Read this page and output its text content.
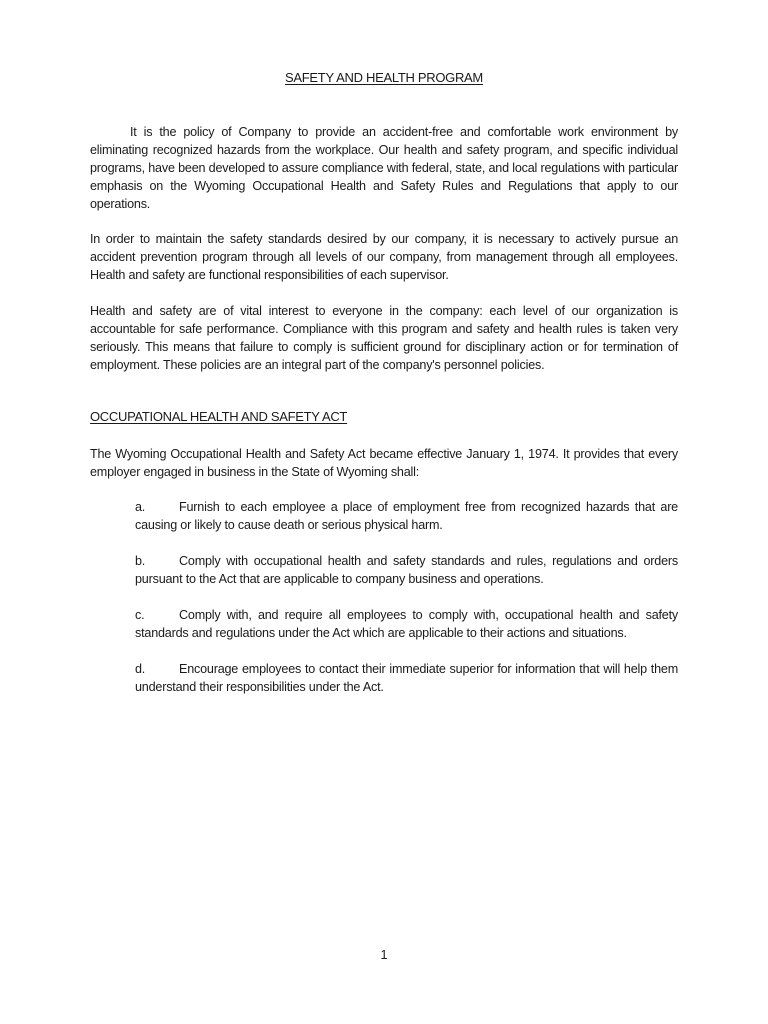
SAFETY AND HEALTH PROGRAM

It is the policy of Company to provide an accident-free and comfortable work environment by eliminating recognized hazards from the workplace. Our health and safety program, and specific individual programs, have been developed to assure compliance with federal, state, and local regulations with particular emphasis on the Wyoming Occupational Health and Safety Rules and Regulations that apply to our operations.

In order to maintain the safety standards desired by our company, it is necessary to actively pursue an accident prevention program through all levels of our company, from management through all employees. Health and safety are functional responsibilities of each supervisor.

Health and safety are of vital interest to everyone in the company: each level of our organization is accountable for safe performance. Compliance with this program and safety and health rules is taken very seriously. This means that failure to comply is sufficient ground for disciplinary action or for termination of employment. These policies are an integral part of the company's personnel policies.

OCCUPATIONAL HEALTH AND SAFETY ACT

The Wyoming Occupational Health and Safety Act became effective January 1, 1974. It provides that every employer engaged in business in the State of Wyoming shall:

a.	Furnish to each employee a place of employment free from recognized hazards that are causing or likely to cause death or serious physical harm.

b.	Comply with occupational health and safety standards and rules, regulations and orders pursuant to the Act that are applicable to company business and operations.

c.	Comply with, and require all employees to comply with, occupational health and safety standards and regulations under the Act which are applicable to their actions and situations.

d.	Encourage employees to contact their immediate superior for information that will help them understand their responsibilities under the Act.

1
